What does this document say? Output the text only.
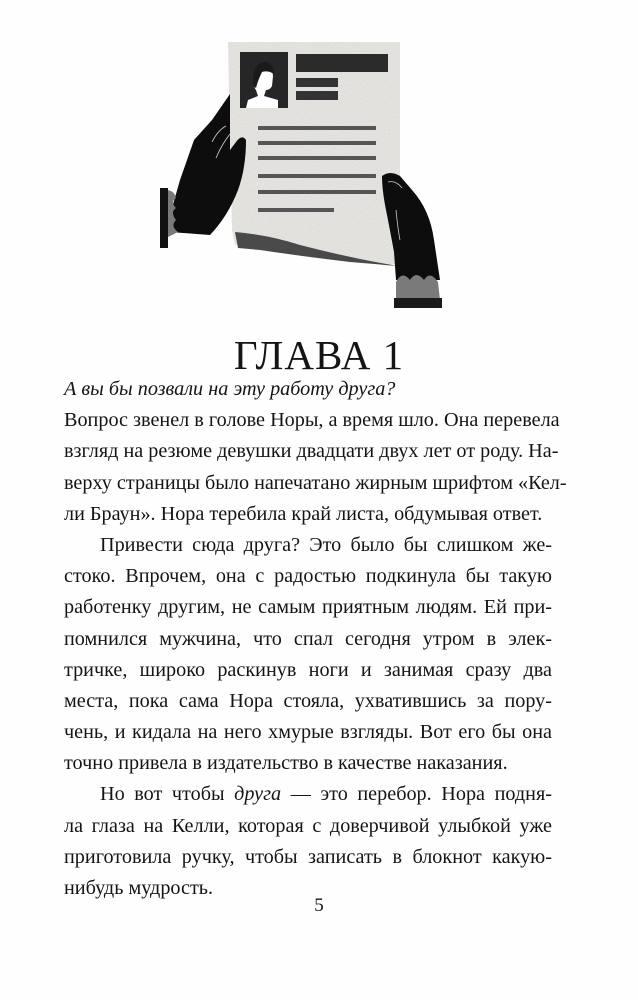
ГЛАВА 1
А вы бы позвали на эту работу друга?
Вопрос звенел в голове Норы, а время шло. Она перевела
взгляд на резюме девушки двадцати двух лет от роду. На-
верху страницы было напечатано жирным шрифтом «Кел-
ли Браун». Нора теребила край листа, обдумывая ответ.
Привести сюда друга? Это было бы слишком же-
стоко. Впрочем, она с радостью подкинула бы такую
работенку другим, не самым приятным людям. Ей при-
помнился мужчина, что спал сегодня утром в элек-
тричке, широко раскинув ноги и занимая сразу два
места, пока сама Нора стояла, ухватившись за пору-
чень, и кидала на него хмурые взгляды. Вот его бы она
точно привела в издательство в качестве наказания.
Но вот чтобы друга — это перебор. Нора подня-
ла глаза на Келли, которая с доверчивой улыбкой уже
приготовила ручку, чтобы записать в блокнот какую-
нибудь мудрость.
5
